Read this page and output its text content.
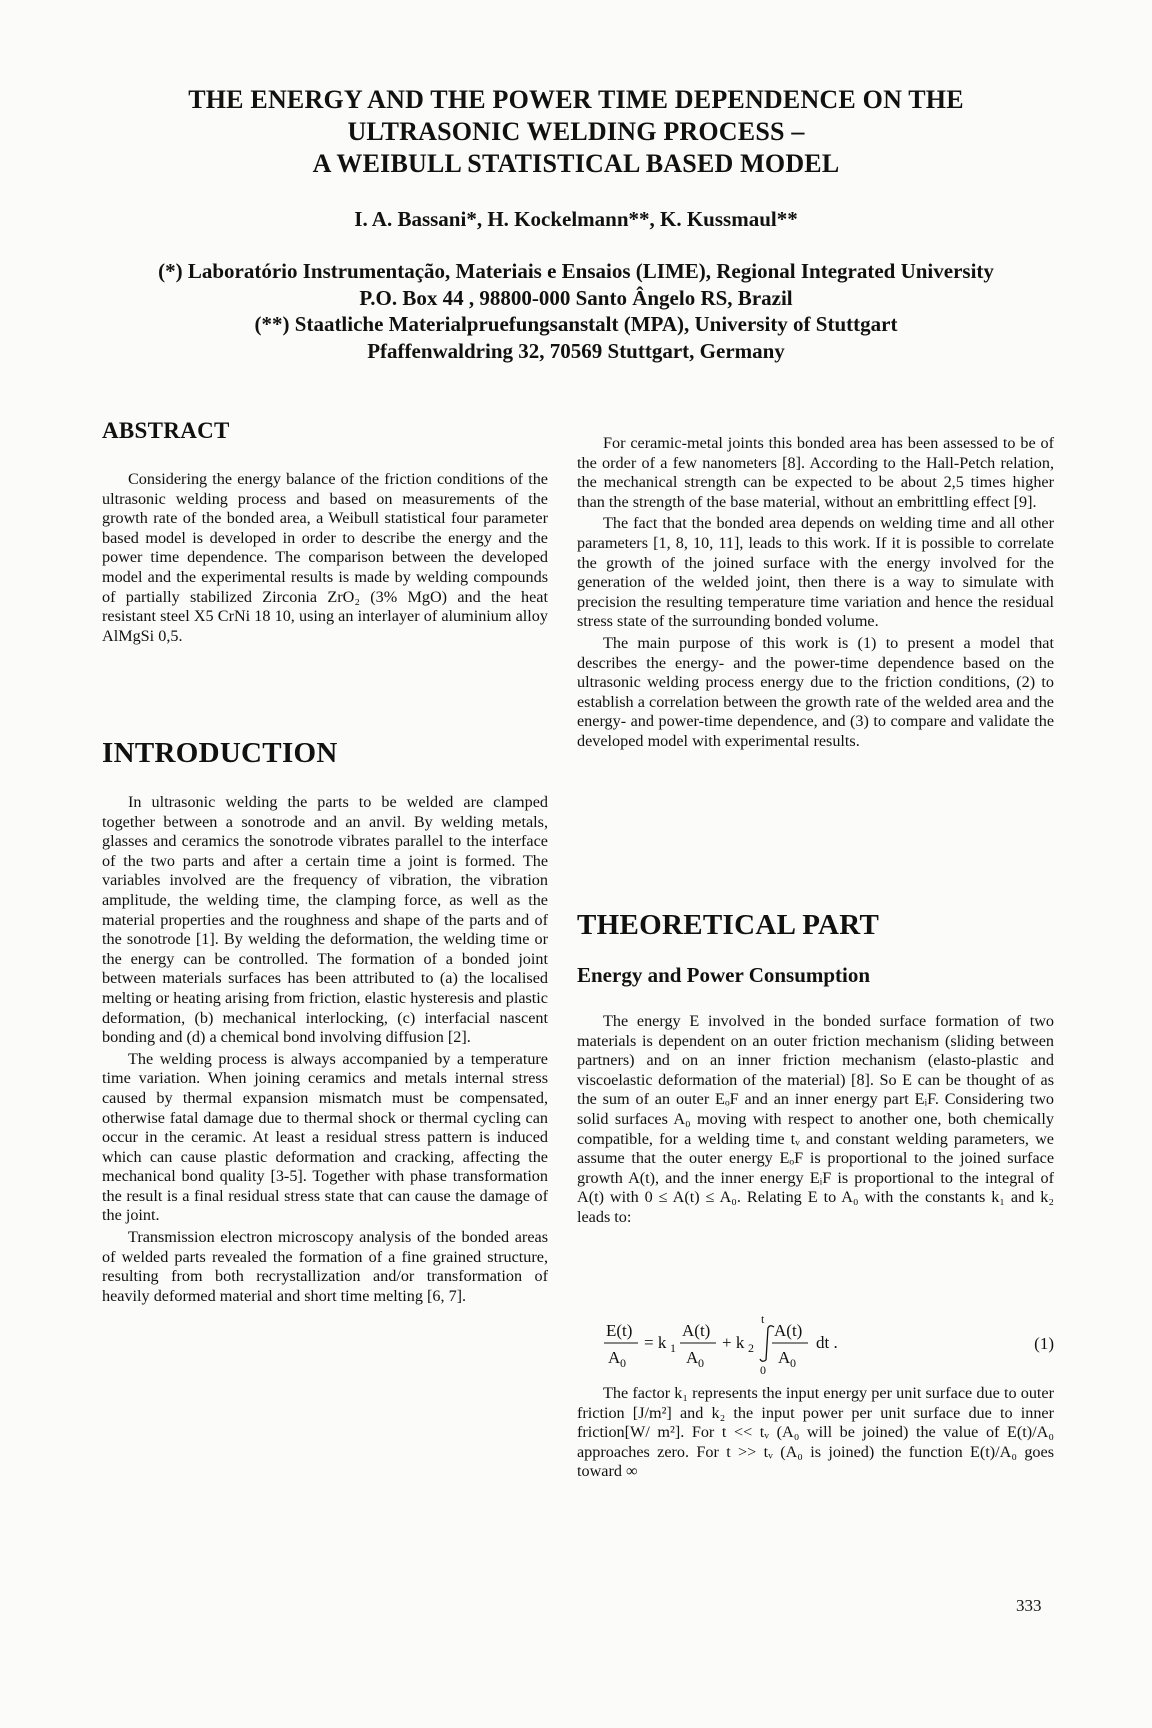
THE ENERGY AND THE POWER TIME DEPENDENCE ON THE
ULTRASONIC WELDING PROCESS –
A WEIBULL STATISTICAL BASED MODEL
I. A. Bassani*, H. Kockelmann**, K. Kussmaul**
(*) Laboratório Instrumentação, Materiais e Ensaios (LIME), Regional Integrated University
P.O. Box 44 , 98800-000 Santo Ângelo RS, Brazil
(**) Staatliche Materialpruefungsanstalt (MPA), University of Stuttgart
Pfaffenwaldring 32, 70569 Stuttgart, Germany
ABSTRACT

Considering the energy balance of the friction conditions of the ultrasonic welding process and based on measurements of the growth rate of the bonded area, a Weibull statistical four parameter based model is developed in order to describe the energy and the power time dependence. The comparison between the developed model and the experimental results is made by welding compounds of partially stabilized Zirconia ZrO₂ (3% MgO) and the heat resistant steel X5 CrNi 18 10, using an interlayer of aluminium alloy AlMgSi 0,5.

INTRODUCTION

In ultrasonic welding the parts to be welded are clamped together between a sonotrode and an anvil. By welding metals, glasses and ceramics the sonotrode vibrates parallel to the interface of the two parts and after a certain time a joint is formed. The variables involved are the frequency of vibration, the vibration amplitude, the welding time, the clamping force, as well as the material properties and the roughness and shape of the parts and of the sonotrode [1]. By welding the deformation, the welding time or the energy can be controlled. The formation of a bonded joint between materials surfaces has been attributed to (a) the localised melting or heating arising from friction, elastic hysteresis and plastic deformation, (b) mechanical interlocking, (c) interfacial nascent bonding and (d) a chemical bond involving diffusion [2].

The welding process is always accompanied by a temperature time variation. When joining ceramics and metals internal stress caused by thermal expansion mismatch must be compensated, otherwise fatal damage due to thermal shock or thermal cycling can occur in the ceramic. At least a residual stress pattern is induced which can cause plastic deformation and cracking, affecting the mechanical bond quality [3-5]. Together with phase transformation the result is a final residual stress state that can cause the damage of the joint.

Transmission electron microscopy analysis of the bonded areas of welded parts revealed the formation of a fine grained structure, resulting from both recrystallization and/or transformation of heavily deformed material and short time melting [6, 7].

For ceramic-metal joints this bonded area has been assessed to be of the order of a few nanometers [8]. According to the Hall-Petch relation, the mechanical strength can be expected to be about 2,5 times higher than the strength of the base material, without an embrittling effect [9].

The fact that the bonded area depends on welding time and all other parameters [1, 8, 10, 11], leads to this work. If it is possible to correlate the growth of the joined surface with the energy involved for the generation of the welded joint, then there is a way to simulate with precision the resulting temperature time variation and hence the residual stress state of the surrounding bonded volume.

The main purpose of this work is (1) to present a model that describes the energy- and the power-time dependence based on the ultrasonic welding process energy due to the friction conditions, (2) to establish a correlation between the growth rate of the welded area and the energy- and power-time dependence, and (3) to compare and validate the developed model with experimental results.

THEORETICAL PART
Energy and Power Consumption

The energy E involved in the bonded surface formation of two materials is dependent on an outer friction mechanism (sliding between partners) and on an inner friction mechanism (elasto-plastic and viscoelastic deformation of the material) [8]. So E can be thought of as the sum of an outer EₒF and an inner energy part EᵢF. Considering two solid surfaces A₀ moving with respect to another one, both chemically compatible, for a welding time tᵥ and constant welding parameters, we assume that the outer energy EₒF is proportional to the joined surface growth A(t), and the inner energy EᵢF is proportional to the integral of A(t) with 0 ≤ A(t) ≤ A₀. Relating E to A₀ with the constants k₁ and k₂ leads to:

E(t)
A 0
= k 1
A(t)
A 0
+ k 2
t
0
A(t)
A 0
dt .	(1)

The factor k₁ represents the input energy per unit surface due to outer friction [J/m²] and k₂ the input power per unit surface due to inner friction[W/ m²]. For t << tᵥ (A₀ will be joined) the value of E(t)/A₀ approaches zero. For t >> tᵥ (A₀ is joined) the function E(t)/A₀ goes toward ∞

333
